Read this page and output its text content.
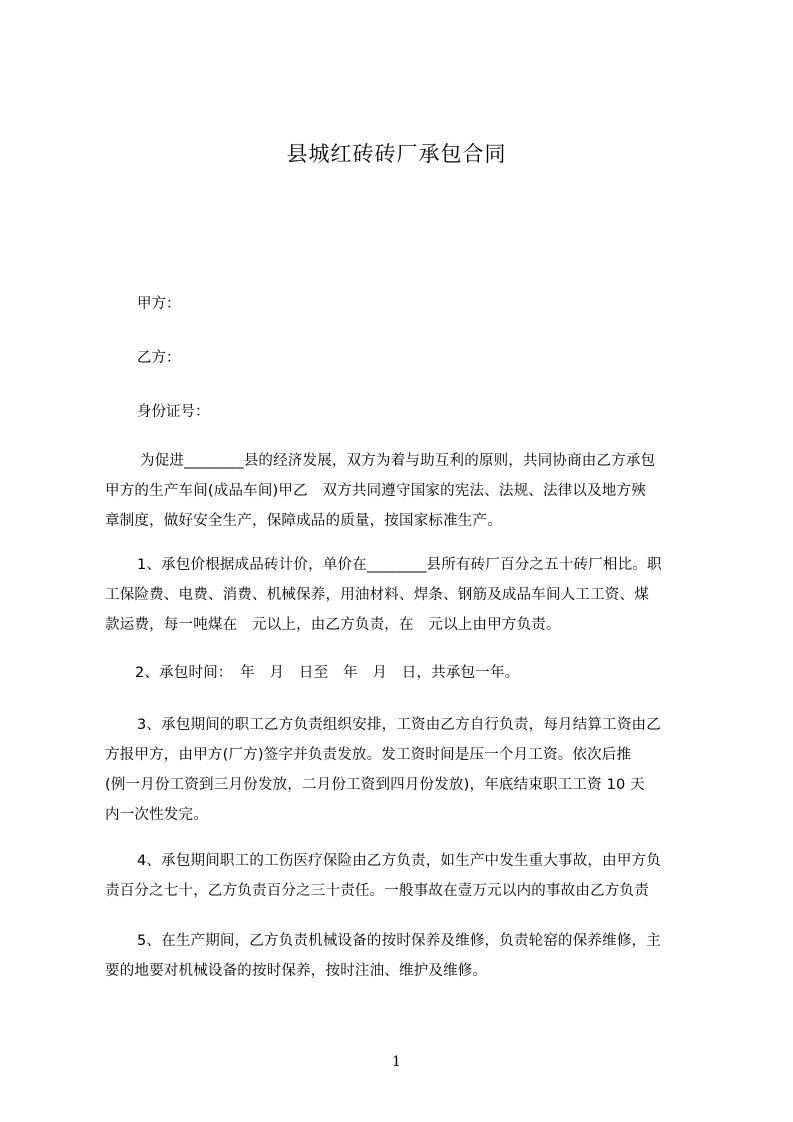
县城红砖砖厂承包合同
甲方：
乙方：
身份证号：
为促进________县的经济发展，双方为着与助互利的原则，共同协商由乙方承包
甲方的生产车间(成品车间)甲乙　双方共同遵守国家的宪法、法规、法律以及地方殎
章制度，做好安全生产，保障成品的质量，按国家标准生产。
1、承包价根据成品砖计价，单价在________县所有砖厂百分之五十砖厂相比。职
工保险费、电费、消费、机械保养，用油材料、焊条、钢筋及成品车间人工工资、煤
款运费，每一吨煤在　元以上，由乙方负责，在　元以上由甲方负责。
2、承包时间：　年　月　日至　年　月　日，共承包一年。
3、承包期间的职工乙方负责组织安排，工资由乙方自行负责，每月结算工资由乙
方报甲方，由甲方(厂方)签字并负责发放。发工资时间是压一个月工资。依次后推
(例一月份工资到三月份发放，二月份工资到四月份发放)，年底结束职工工资 10 天
内一次性发完。
4、承包期间职工的工伤医疗保险由乙方负责，如生产中发生重大事故，由甲方负
责百分之七十，乙方负责百分之三十责任。一般事故在壹万元以内的事故由乙方负责
5、在生产期间，乙方负责机械设备的按时保养及维修，负责轮窑的保养维修，主
要的地要对机械设备的按时保养，按时注油、维护及维修。
1
